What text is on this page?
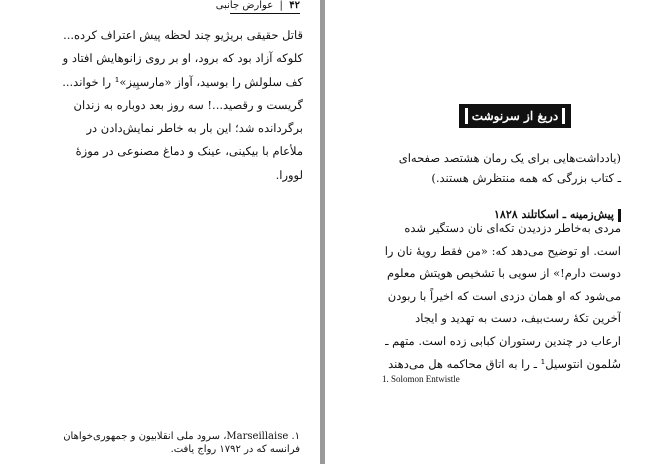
۴۲  |  عوارض جانبی
قاتل حقیقی بریژیو چند لحظه پیش اعتراف کرده...
کلوکه آزاد بود که برود، او بر روی زانوهایش افتاد و
کف سلولش را بوسید، آواز «مارسیِیز»¹ را خواند...
گریست و رقصید...! سه روز بعد دوباره به زندان
برگردانده شد؛ این بار به خاطر نمایش‌دادن در
ملأعام با بیکینی، عینک و دماغ مصنوعی در موزهٔ
لوورا.
۱. Marseillaise، سرود ملی انقلابیون و جمهوری‌خواهان
فرانسه که در ۱۷۹۲ رواج یافت.
دریغ از سرنوشت
(یادداشت‌هایی برای یک رمان هشتصد صفحه‌ای
ـ کتاب بزرگی که همه منتظرش هستند.)
پیش‌زمینه ـ اسکاتلند ۱۸۲۸
مردی به‌خاطر دزدیدن تکه‌ای نان دستگیر شده
است. او توضیح می‌دهد که: «من فقط رویهٔ نان را
دوست دارم!» از سویی با تشخیص هویتش معلوم
می‌شود که او همان دزدی است که اخیراً با ربودن
آخرین تکهٔ رست‌بیف، دست به تهدید و ایجاد
ارعاب در چندین رستوران کبابی زده است. متهم ـ
سُلمون انتوسیل¹ ـ را به اتاق محاکمه هل می‌دهند
1. Solomon Entwistle
